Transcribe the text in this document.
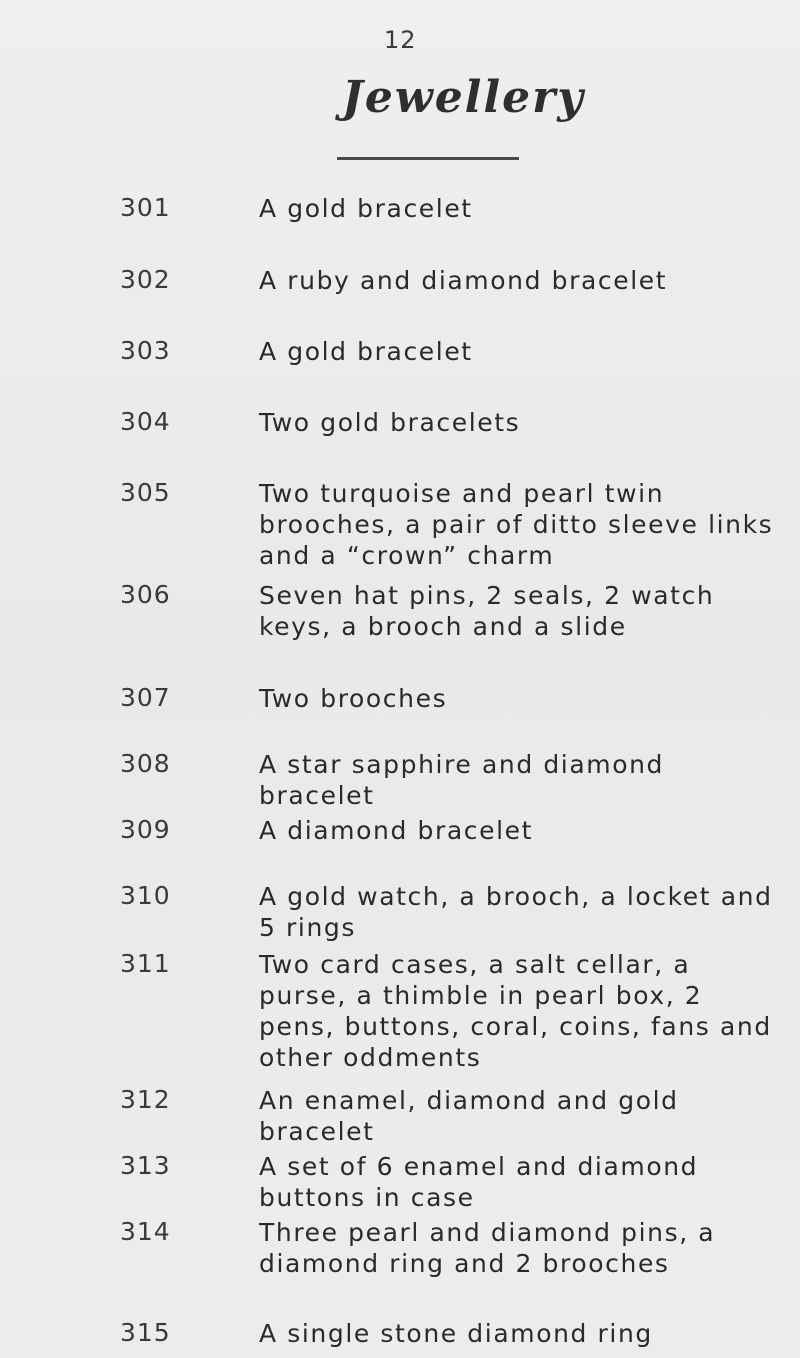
12
Jewellery
301	A gold bracelet
302	A ruby and diamond bracelet
303	A gold bracelet
304	Two gold bracelets
305	Two turquoise and pearl twin brooches, a pair of ditto sleeve links and a “crown” charm
306	Seven hat pins, 2 seals, 2 watch keys, a brooch and a slide
307	Two brooches
308	A star sapphire and diamond bracelet
309	A diamond bracelet
310	A gold watch, a brooch, a locket and 5 rings
311	Two card cases, a salt cellar, a purse, a thimble in pearl box, 2 pens, buttons, coral, coins, fans and other oddments
312	An enamel, diamond and gold bracelet
313	A set of 6 enamel and diamond buttons in case
314	Three pearl and diamond pins, a diamond ring and 2 brooches
315	A single stone diamond ring
